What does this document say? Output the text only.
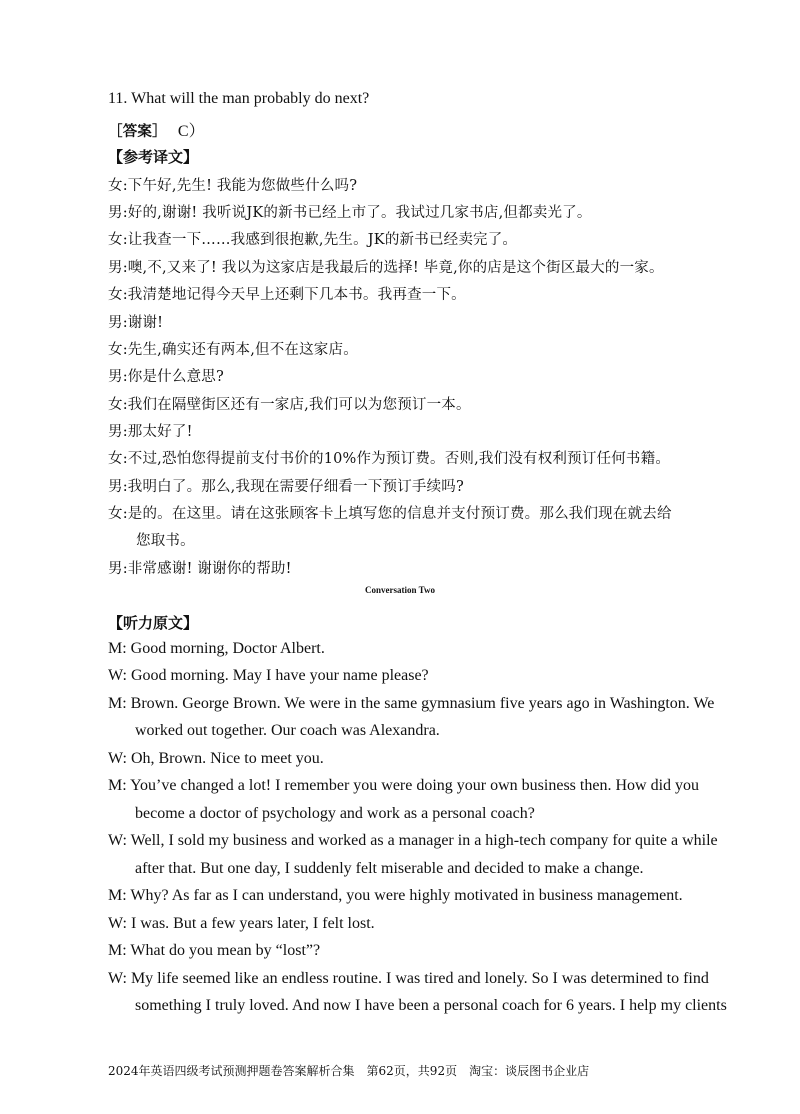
11. What will the man probably do next?
［答案］ C）
【参考译文】
女:下午好,先生! 我能为您做些什么吗?
男:好的,谢谢! 我听说JK的新书已经上市了。我试过几家书店,但都卖光了。
女:让我查一下……我感到很抱歉,先生。JK的新书已经卖完了。
男:噢,不,又来了! 我以为这家店是我最后的选择! 毕竟,你的店是这个街区最大的一家。
女:我清楚地记得今天早上还剩下几本书。我再查一下。
男:谢谢!
女:先生,确实还有两本,但不在这家店。
男:你是什么意思?
女:我们在隔壁街区还有一家店,我们可以为您预订一本。
男:那太好了!
女:不过,恐怕您得提前支付书价的10%作为预订费。否则,我们没有权利预订任何书籍。
男:我明白了。那么,我现在需要仔细看一下预订手续吗?
女:是的。在这里。请在这张顾客卡上填写您的信息并支付预订费。那么我们现在就去给
您取书。
男:非常感谢! 谢谢你的帮助!
Conversation Two
【听力原文】
M: Good morning, Doctor Albert.
W: Good morning. May I have your name please?
M: Brown. George Brown. We were in the same gymnasium five years ago in Washington. We
worked out together. Our coach was Alexandra.
W: Oh, Brown. Nice to meet you.
M: You’ve changed a lot! I remember you were doing your own business then. How did you
become a doctor of psychology and work as a personal coach?
W: Well, I sold my business and worked as a manager in a high-tech company for quite a while
after that. But one day, I suddenly felt miserable and decided to make a change.
M: Why? As far as I can understand, you were highly motivated in business management.
W: I was. But a few years later, I felt lost.
M: What do you mean by “lost”?
W: My life seemed like an endless routine. I was tired and lonely. So I was determined to find
something I truly loved. And now I have been a personal coach for 6 years. I help my clients
2024年英语四级考试预测押题卷答案解析合集　第62页，共92页　淘宝：谈辰图书企业店
